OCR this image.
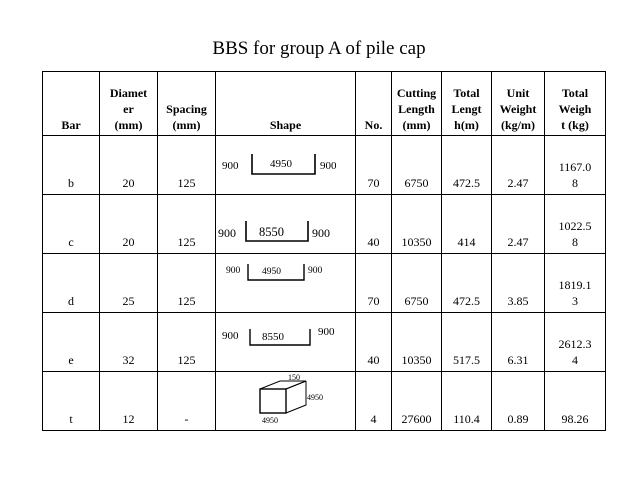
BBS for group A of pile cap
Bar	Diamet
er
(mm)	Spacing
(mm)	Shape	No.	Cutting
Length
(mm)	Total
Lengt
h(m)	Unit
Weight
(kg/m)	Total
Weigh
t (kg)
b	20	125	900 4950 900	70	6750	472.5	2.47	1167.0
8
c	20	125	900 8550 900	40	10350	414	2.47	1022.5
8
d	25	125	900 4950 900	70	6750	472.5	3.85	1819.1
3
e	32	125	900 8550 900	40	10350	517.5	6.31	2612.3
4
t	12	-	150
4950
4950	4	27600	110.4	0.89	98.26
